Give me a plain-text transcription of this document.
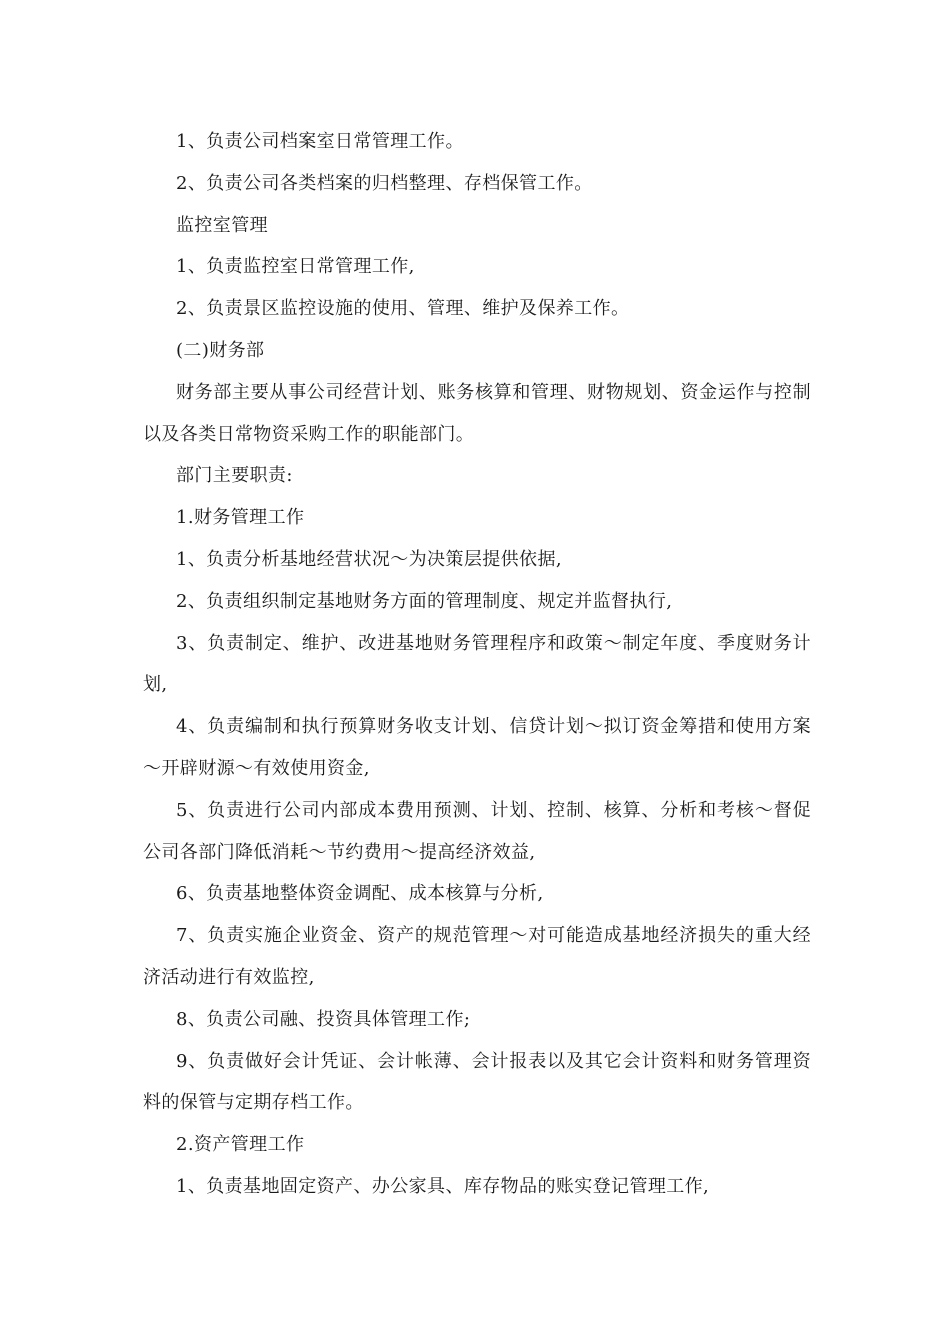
1、负责公司档案室日常管理工作。

2、负责公司各类档案的归档整理、存档保管工作。

监控室管理

1、负责监控室日常管理工作,

2、负责景区监控设施的使用、管理、维护及保养工作。

(二)财务部

财务部主要从事公司经营计划、账务核算和管理、财物规划、资金运作与控制以及各类日常物资采购工作的职能部门。

部门主要职责:

1.财务管理工作

1、负责分析基地经营状况～为决策层提供依据,

2、负责组织制定基地财务方面的管理制度、规定并监督执行,

3、负责制定、维护、改进基地财务管理程序和政策～制定年度、季度财务计划,

4、负责编制和执行预算财务收支计划、信贷计划～拟订资金筹措和使用方案～开辟财源～有效使用资金,

5、负责进行公司内部成本费用预测、计划、控制、核算、分析和考核～督促公司各部门降低消耗～节约费用～提高经济效益,

6、负责基地整体资金调配、成本核算与分析,

7、负责实施企业资金、资产的规范管理～对可能造成基地经济损失的重大经济活动进行有效监控,

8、负责公司融、投资具体管理工作;

9、负责做好会计凭证、会计帐薄、会计报表以及其它会计资料和财务管理资料的保管与定期存档工作。

2.资产管理工作

1、负责基地固定资产、办公家具、库存物品的账实登记管理工作,
